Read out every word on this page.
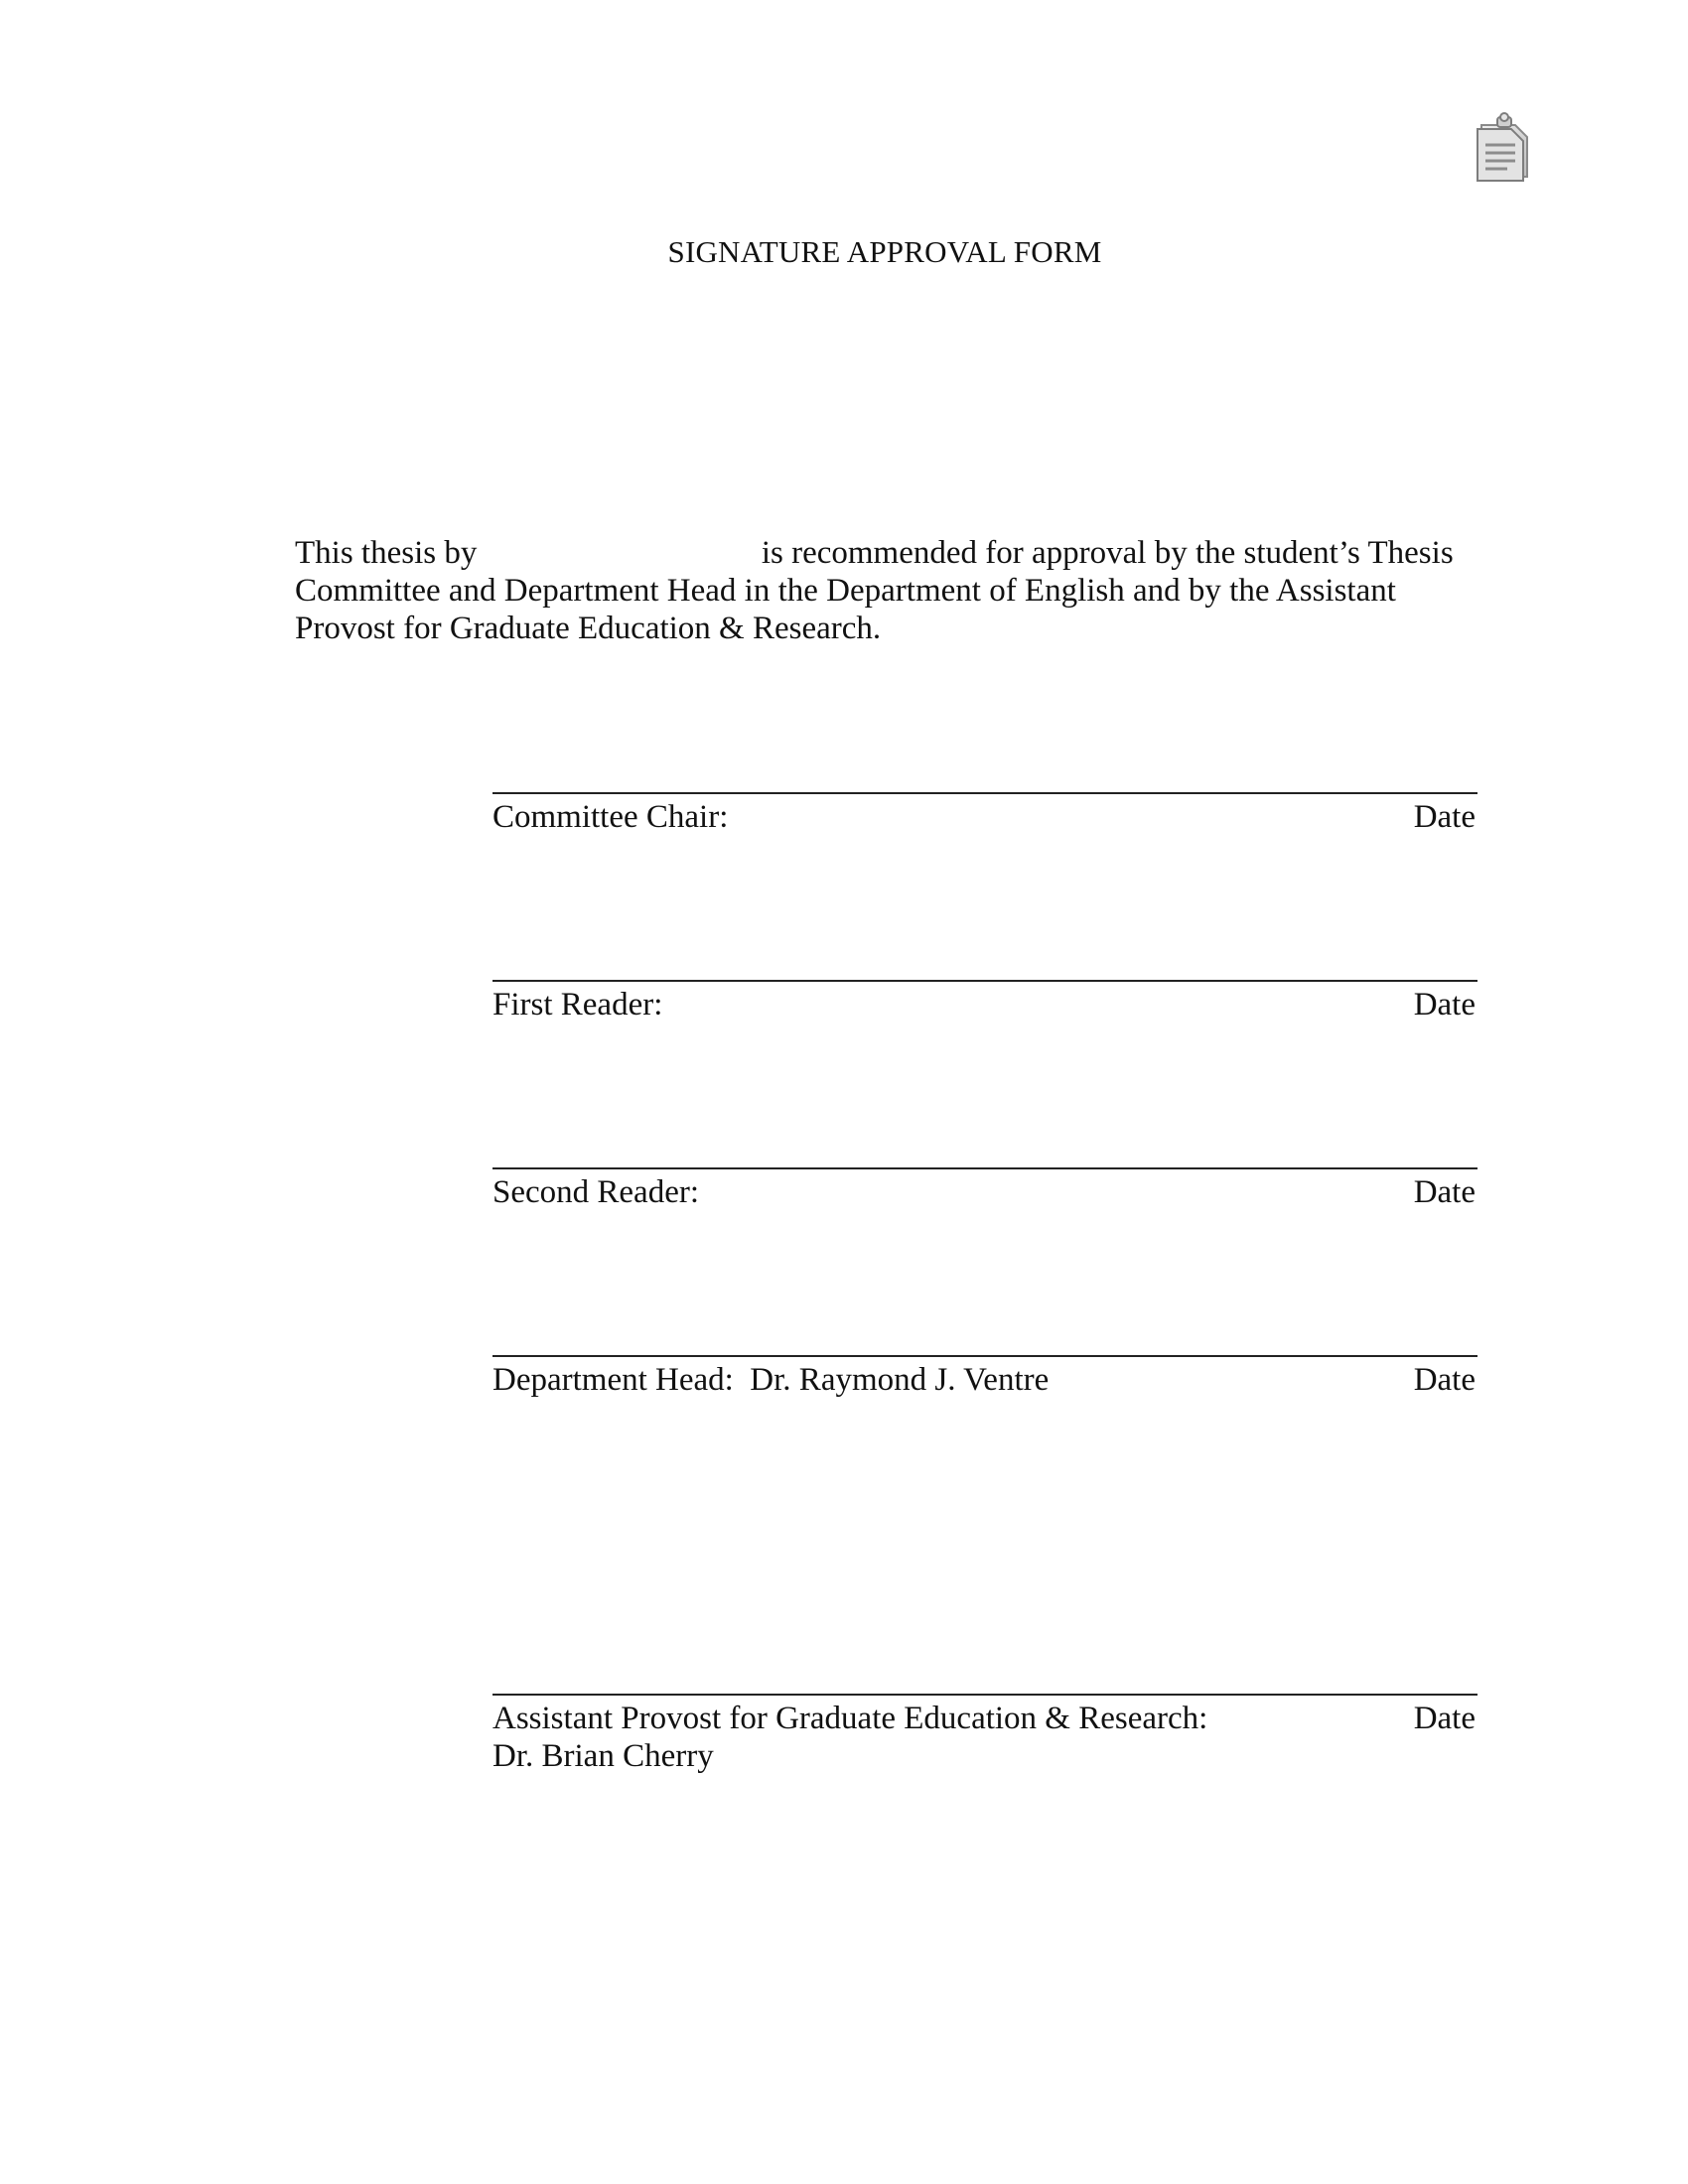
SIGNATURE APPROVAL FORM
This thesis by	is recommended for approval by the student’s Thesis
Committee and Department Head in the Department of English and by the Assistant
Provost for Graduate Education & Research.
Committee Chair:	Date
First Reader:	Date
Second Reader:	Date
Department Head:  Dr. Raymond J. Ventre	Date
Assistant Provost for Graduate Education & Research:	Date
Dr. Brian Cherry
